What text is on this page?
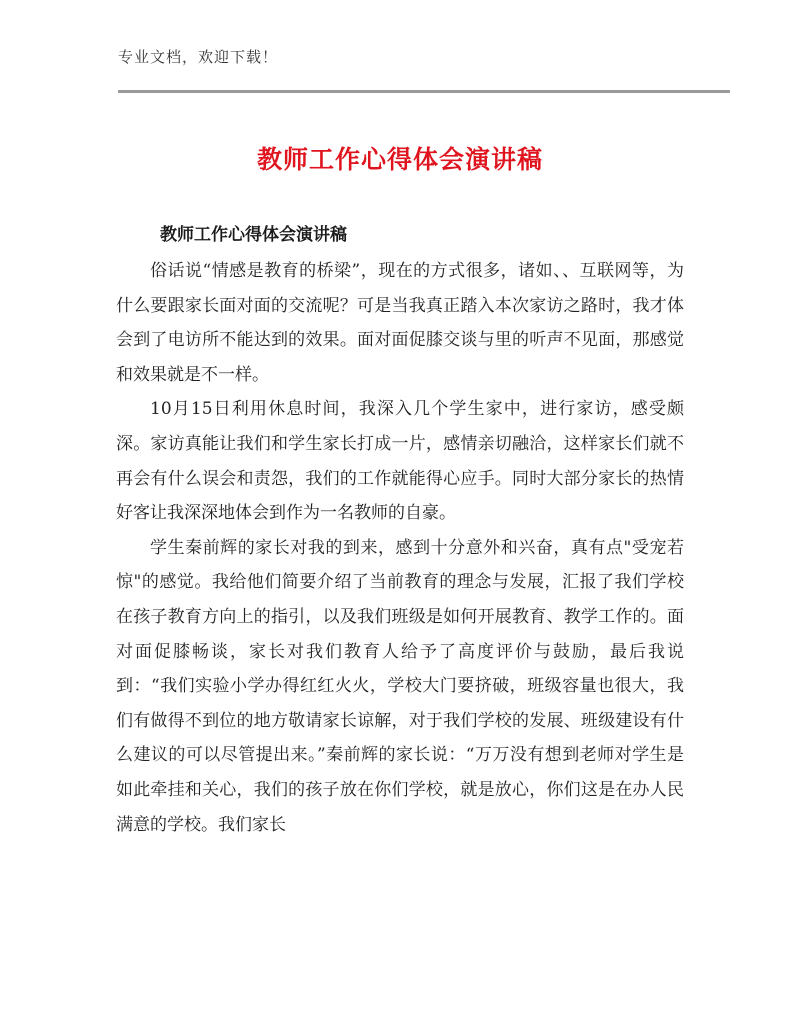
专业文档，欢迎下载！
教师工作心得体会演讲稿
教师工作心得体会演讲稿

俗话说“情感是教育的桥梁”，现在的方式很多，诸如、、互联网等，为什么要跟家长面对面的交流呢？可是当我真正踏入本次家访之路时，我才体会到了电访所不能达到的效果。面对面促膝交谈与里的听声不见面，那感觉和效果就是不一样。

10月15日利用休息时间，我深入几个学生家中，进行家访，感受颇深。家访真能让我们和学生家长打成一片，感情亲切融洽，这样家长们就不再会有什么误会和责怨，我们的工作就能得心应手。同时大部分家长的热情好客让我深深地体会到作为一名教师的自豪。

学生秦前辉的家长对我的到来，感到十分意外和兴奋，真有点"受宠若惊"的感觉。我给他们简要介绍了当前教育的理念与发展，汇报了我们学校在孩子教育方向上的指引，以及我们班级是如何开展教育、教学工作的。面对面促膝畅谈，家长对我们教育人给予了高度评价与鼓励，最后我说到：“我们实验小学办得红红火火，学校大门要挤破，班级容量也很大，我们有做得不到位的地方敬请家长谅解，对于我们学校的发展、班级建设有什么建议的可以尽管提出来。”秦前辉的家长说：“万万没有想到老师对学生是如此牵挂和关心，我们的孩子放在你们学校，就是放心，你们这是在办人民满意的学校。我们家长
